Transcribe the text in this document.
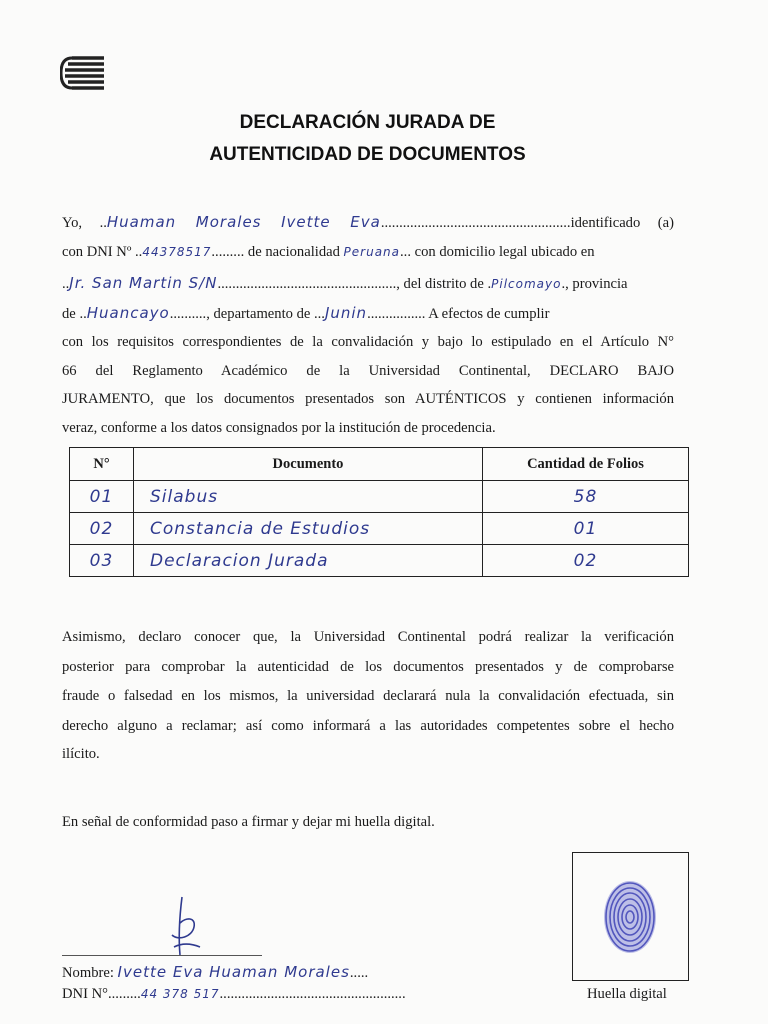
DECLARACIÓN JURADA DE
AUTENTICIDAD DE DOCUMENTOS
Yo, ..Huaman Morales Ivette Eva....................................................identificado (a)
con DNI Nº ..44378517......... de nacionalidad Peruana... con domicilio legal ubicado en
..Jr. San Martin S/N................................................., del distrito de .Pilcomayo., provincia
de ..Huancayo.........., departamento de ...Junin................ A efectos de cumplir
con los requisitos correspondientes de la convalidación y bajo lo estipulado en el Artículo N°
66 del Reglamento Académico de la Universidad Continental, DECLARO BAJO
JURAMENTO, que los documentos presentados son AUTÉNTICOS y contienen información
veraz, conforme a los datos consignados por la institución de procedencia.
N°	Documento	Cantidad de Folios
01	Silabus	58
02	Constancia de Estudios	01
03	Declaracion Jurada	02
Asimismo, declaro conocer que, la Universidad Continental podrá realizar la verificación
posterior para comprobar la autenticidad de los documentos presentados y de comprobarse
fraude o falsedad en los mismos, la universidad declarará nula la convalidación efectuada, sin
derecho alguno a reclamar; así como informará a las autoridades competentes sobre el hecho
ilícito.
En señal de conformidad paso a firmar y dejar mi huella digital.
Nombre: Ivette Eva Huaman Morales.....
DNI N°.........44 378 517...................................................	Huella digital
